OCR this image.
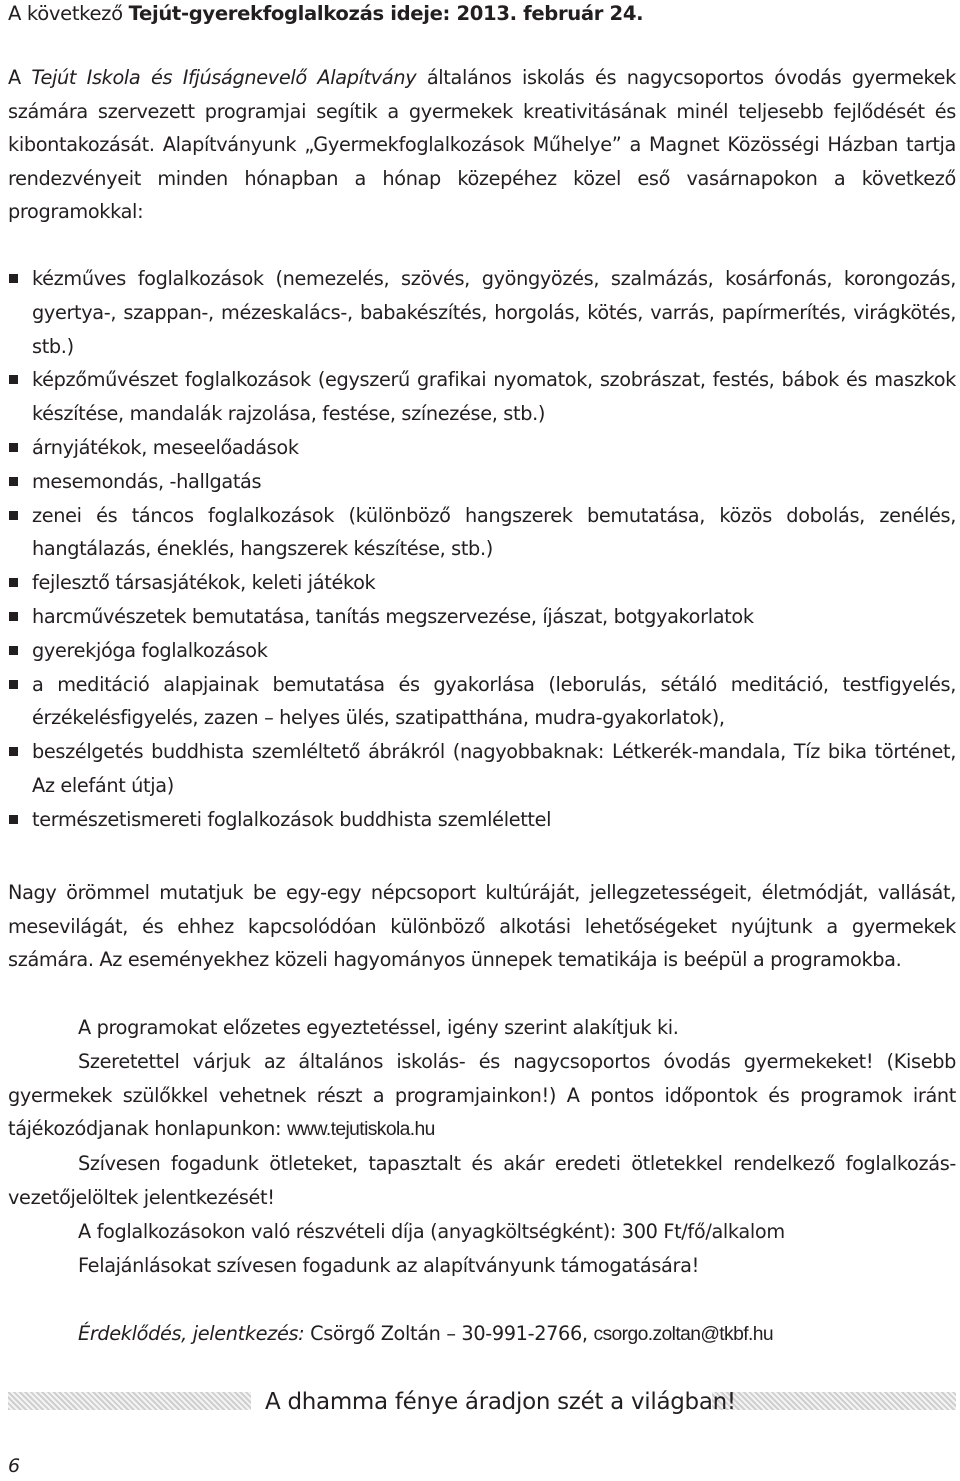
A következő Tejút-gyerekfoglalkozás ideje: 2013. február 24.

A Tejút Iskola és Ifjúságnevelő Alapítvány általános iskolás és nagycsoportos óvodás gyermekek számára szervezett programjai segítik a gyermekek kreativitásának minél teljesebb fejlődését és kibontakozását. Alapítványunk „Gyermekfoglalkozások Műhelye” a Magnet Közösségi Házban tartja rendezvényeit minden hónapban a hónap közepéhez közel eső vasárnapokon a következő programokkal:

kézműves foglalkozások (nemezelés, szövés, gyöngyözés, szalmázás, kosárfonás, korongozás, gyertya-, szappan-, mézeskalács-, babakészítés, horgolás, kötés, varrás, papírmerítés, virágkötés, stb.)
képzőművészet foglalkozások (egyszerű grafikai nyomatok, szobrászat, festés, bábok és maszkok készítése, mandalák rajzolása, festése, színezése, stb.)
árnyjátékok, meseelőadások
mesemondás, -hallgatás
zenei és táncos foglalkozások (különböző hangszerek bemutatása, közös dobolás, zenélés, hangtálazás, éneklés, hangszerek készítése, stb.)
fejlesztő társasjátékok, keleti játékok
harcművészetek bemutatása, tanítás megszervezése, íjászat, botgyakorlatok
gyerekjóga foglalkozások
a meditáció alapjainak bemutatása és gyakorlása (leborulás, sétáló meditáció, testfigyelés, érzékelésfigyelés, zazen – helyes ülés, szatipatthána, mudra-gyakorlatok),
beszélgetés buddhista szemléltető ábrákról (nagyobbaknak: Létkerék-mandala, Tíz bika történet, Az elefánt útja)
természetismereti foglalkozások buddhista szemlélettel

Nagy örömmel mutatjuk be egy-egy népcsoport kultúráját, jellegzetességeit, életmódját, vallását, mesevilágát, és ehhez kapcsolódóan különböző alkotási lehetőségeket nyújtunk a gyermekek számára. Az eseményekhez közeli hagyományos ünnepek tematikája is beépül a programokba.

A programokat előzetes egyeztetéssel, igény szerint alakítjuk ki.

Szeretettel várjuk az általános iskolás- és nagycsoportos óvodás gyermekeket! (Kisebb gyermekek szülőkkel vehetnek részt a programjainkon!) A pontos időpontok és programok iránt tájékozódjanak honlapunkon: www.tejutiskola.hu

Szívesen fogadunk ötleteket, tapasztalt és akár eredeti ötletekkel rendelkező foglalkozás-vezetőjelöltek jelentkezését!

A foglalkozásokon való részvételi díja (anyagköltségként): 300 Ft/fő/alkalom

Felajánlásokat szívesen fogadunk az alapítványunk támogatására!

Érdeklődés, jelentkezés: Csörgő Zoltán – 30-991-2766, csorgo.zoltan@tkbf.hu

A dhamma fénye áradjon szét a világban!

6
